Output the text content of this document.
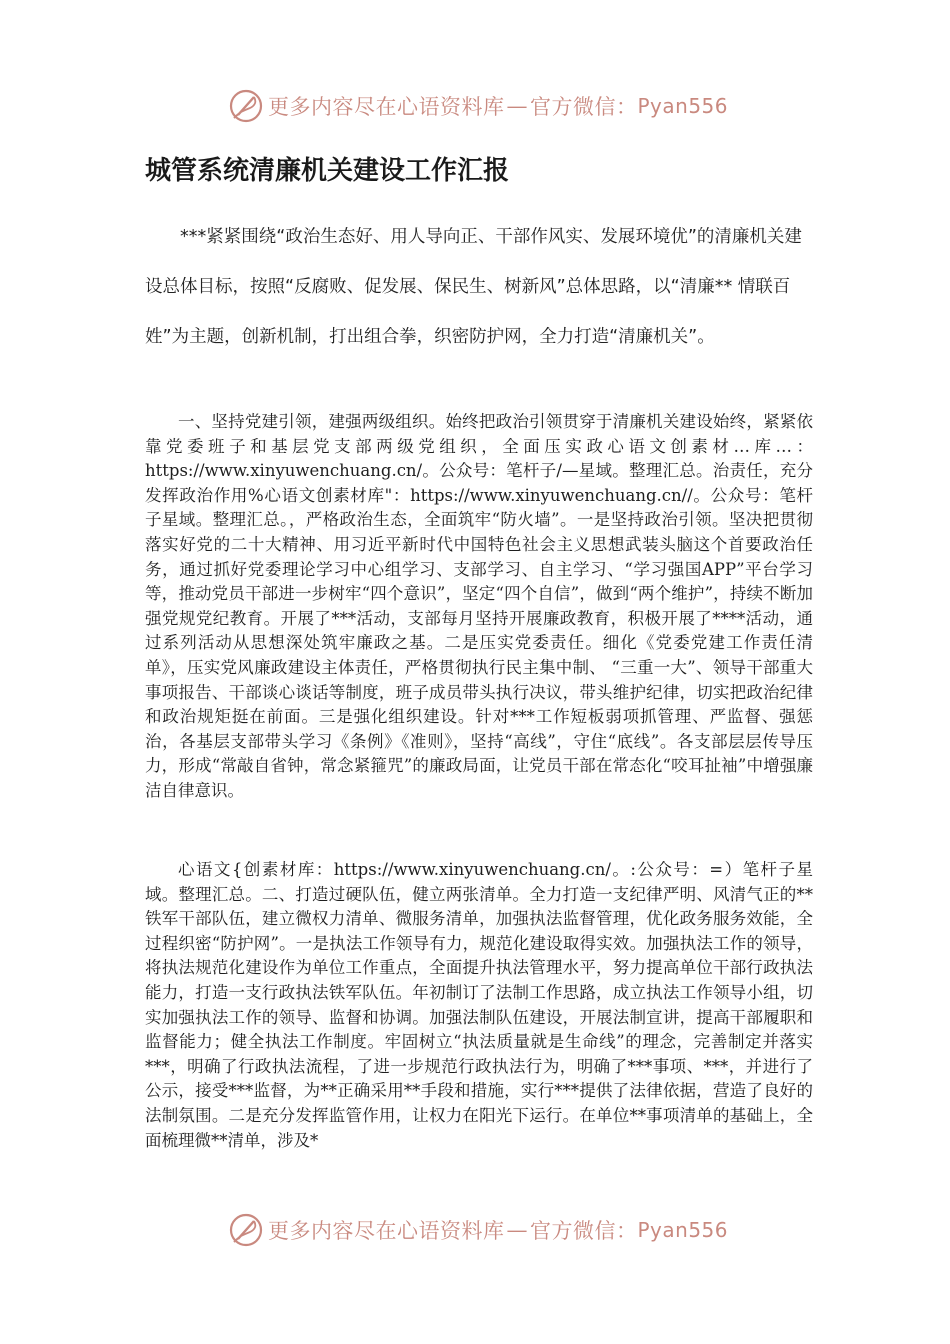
更多内容尽在心语资料库 — 官方微信： Pyan556
城管系统清廉机关建设工作汇报

***紧紧围绕“政治生态好、用人导向正、干部作风实、发展环境优”的清廉机关建设总体目标，按照“反腐败、促发展、保民生、树新风”总体思路，以“清廉** 情联百姓”为主题，创新机制，打出组合拳，织密防护网，全力打造“清廉机关”。

一、坚持党建引领，建强两级组织。始终把政治引领贯穿于清廉机关建设始终，紧紧依靠党委班子和基层党支部两级党组织，全面压实政心语文创素材…库…：https://www.xinyuwenchuang.cn/。公众号：笔杆子/—星域。整理汇总。治责任，充分发挥政治作用%心语文创素材库"：https://www.xinyuwenchuang.cn//。公众号：笔杆子星域。整理汇总。，严格政治生态，全面筑牢“防火墙”。一是坚持政治引领。坚决把贯彻落实好党的二十大精神、用习近平新时代中国特色社会主义思想武装头脑这个首要政治任务，通过抓好党委理论学习中心组学习、支部学习、自主学习、“学习强国APP”平台学习等，推动党员干部进一步树牢“四个意识”，坚定“四个自信”，做到“两个维护”，持续不断加强党规党纪教育。开展了***活动，支部每月坚持开展廉政教育，积极开展了****活动，通过系列活动从思想深处筑牢廉政之基。二是压实党委责任。细化《党委党建工作责任清单》，压实党风廉政建设主体责任，严格贯彻执行民主集中制、 “三重一大”、领导干部重大事项报告、干部谈心谈话等制度，班子成员带头执行决议，带头维护纪律，切实把政治纪律和政治规矩挺在前面。三是强化组织建设。针对***工作短板弱项抓管理、严监督、强惩治，各基层支部带头学习《条例》《准则》，坚持“高线”，守住“底线”。各支部层层传导压力，形成“常敲自省钟，常念紧箍咒”的廉政局面，让党员干部在常态化“咬耳扯袖”中增强廉洁自律意识。

心语文{创素材库：https://www.xinyuwenchuang.cn/。:公众号：=）笔杆子星域。整理汇总。二、打造过硬队伍，健立两张清单。全力打造一支纪律严明、风清气正的**铁军干部队伍，建立微权力清单、微服务清单，加强执法监督管理，优化政务服务效能，全过程织密“防护网”。一是执法工作领导有力，规范化建设取得实效。加强执法工作的领导，将执法规范化建设作为单位工作重点，全面提升执法管理水平，努力提高单位干部行政执法能力，打造一支行政执法铁军队伍。年初制订了法制工作思路，成立执法工作领导小组，切实加强执法工作的领导、监督和协调。加强法制队伍建设，开展法制宣讲，提高干部履职和监督能力；健全执法工作制度。牢固树立“执法质量就是生命线”的理念，完善制定并落实***，明确了行政执法流程，了进一步规范行政执法行为，明确了***事项、***，并进行了公示，接受***监督，为**正确采用**手段和措施，实行***提供了法律依据，营造了良好的法制氛围。二是充分发挥监管作用，让权力在阳光下运行。在单位**事项清单的基础上，全面梳理微**清单，涉及*

更多内容尽在心语资料库 — 官方微信： Pyan556
